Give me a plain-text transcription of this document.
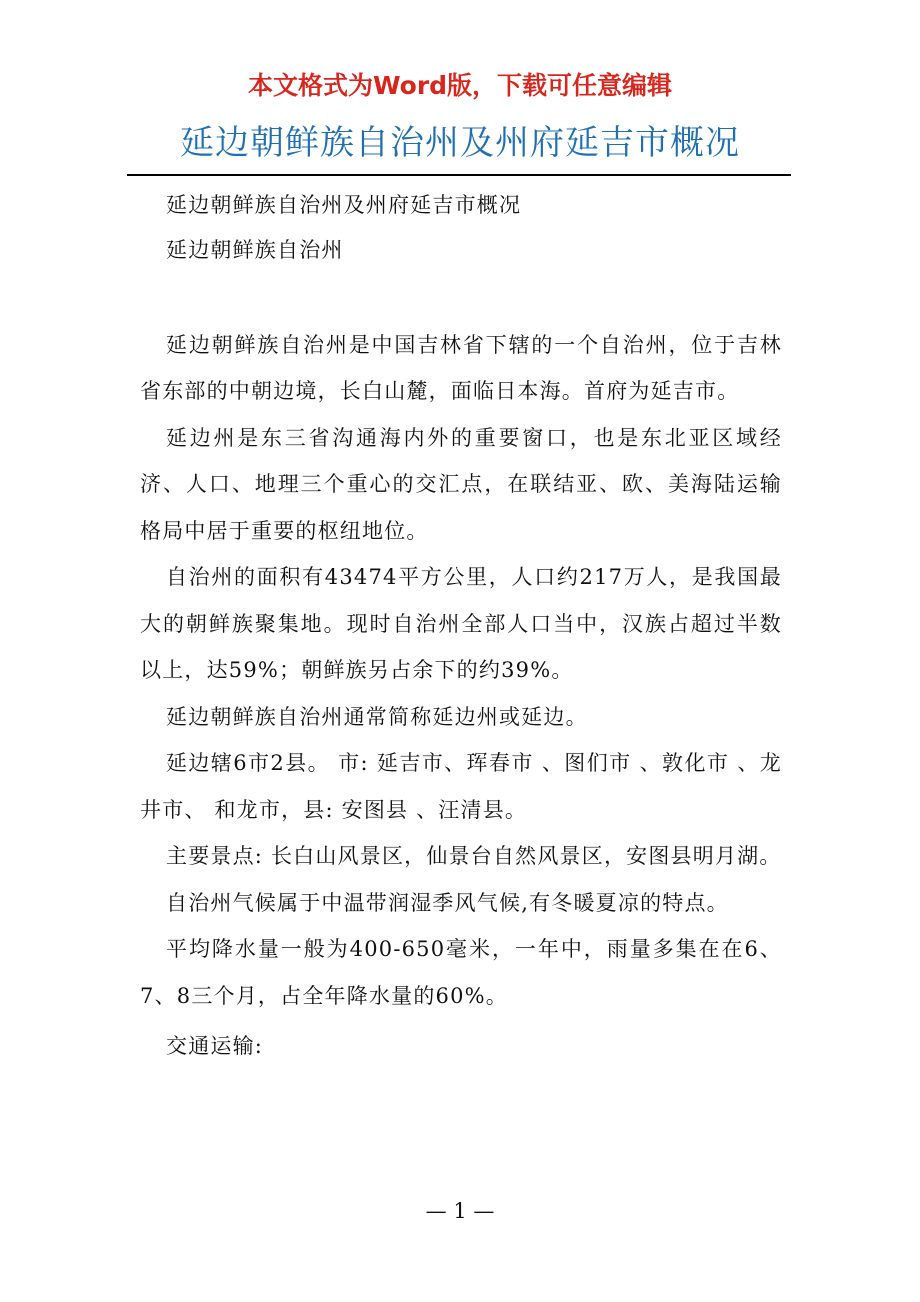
本文格式为Word版，下载可任意编辑
延边朝鲜族自治州及州府延吉市概况

延边朝鲜族自治州及州府延吉市概况

延边朝鲜族自治州

延边朝鲜族自治州是中国吉林省下辖的一个自治州，位于吉林省东部的中朝边境，长白山麓，面临日本海。首府为延吉市。

延边州是东三省沟通海内外的重要窗口，也是东北亚区域经济、人口、地理三个重心的交汇点，在联结亚、欧、美海陆运输格局中居于重要的枢纽地位。

自治州的面积有43474平方公里，人口约217万人，是我国最大的朝鲜族聚集地。现时自治州全部人口当中，汉族占超过半数以上，达59%；朝鲜族另占余下的约39%。

延边朝鲜族自治州通常简称延边州或延边。

延边辖6市2县。 市: 延吉市、珲春市 、图们市 、敦化市 、龙井市、 和龙市，县: 安图县 、汪清县。

主要景点: 长白山风景区，仙景台自然风景区，安图县明月湖。

自治州气候属于中温带润湿季风气候,有冬暖夏凉的特点。

平均降水量一般为400-650毫米，一年中，雨量多集在在6、7、8三个月，占全年降水量的60%。

交通运输:

— 1 —
